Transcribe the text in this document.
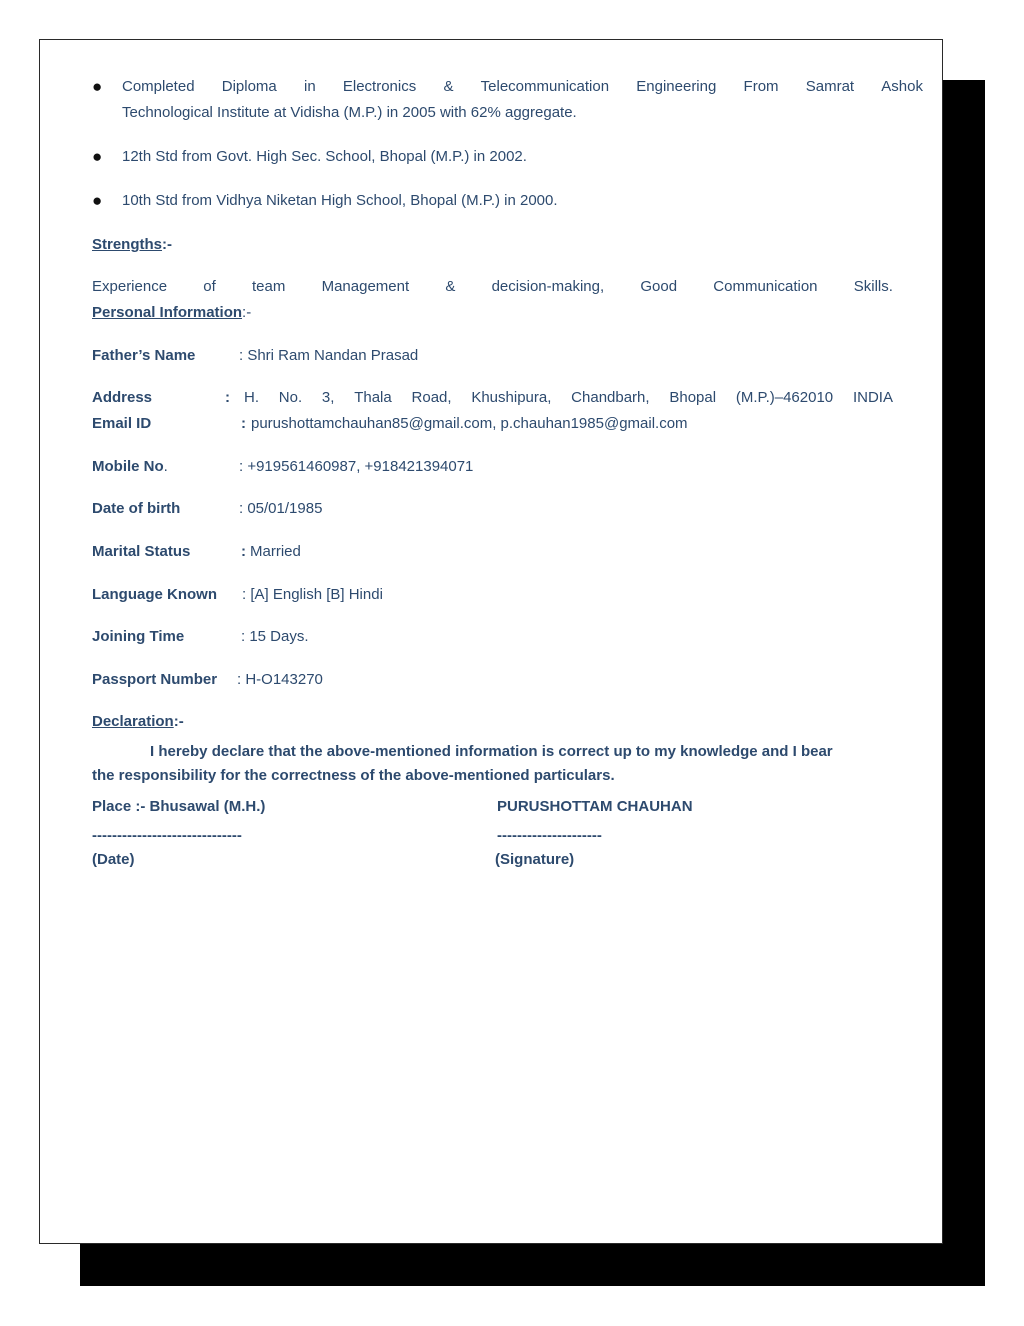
● Completed Diploma in Electronics & Telecommunication Engineering From Samrat Ashok
Technological Institute at Vidisha (M.P.) in 2005 with 62% aggregate.
● 12th Std from Govt. High Sec. School, Bhopal (M.P.) in 2002.
● 10th Std from Vidhya Niketan High School, Bhopal (M.P.) in 2000.
Strengths:-
Experience of team Management & decision-making, Good Communication Skills.
Personal Information:-
Father’s Name	: Shri Ram Nandan Prasad
Address	: H. No. 3, Thala Road, Khushipura, Chandbarh, Bhopal (M.P.)–462010 INDIA
Email ID	: purushottamchauhan85@gmail.com, p.chauhan1985@gmail.com
Mobile No.	: +919561460987, +918421394071
Date of birth	: 05/01/1985
Marital Status	: Married
Language Known : [A] English [B] Hindi
Joining Time	: 15 Days.
Passport Number : H-O143270
Declaration:-
I hereby declare that the above-mentioned information is correct up to my knowledge and I bear
the responsibility for the correctness of the above-mentioned particulars.
Place :- Bhusawal (M.H.)	PURUSHOTTAM CHAUHAN
------------------------------	---------------------
(Date)	(Signature)
